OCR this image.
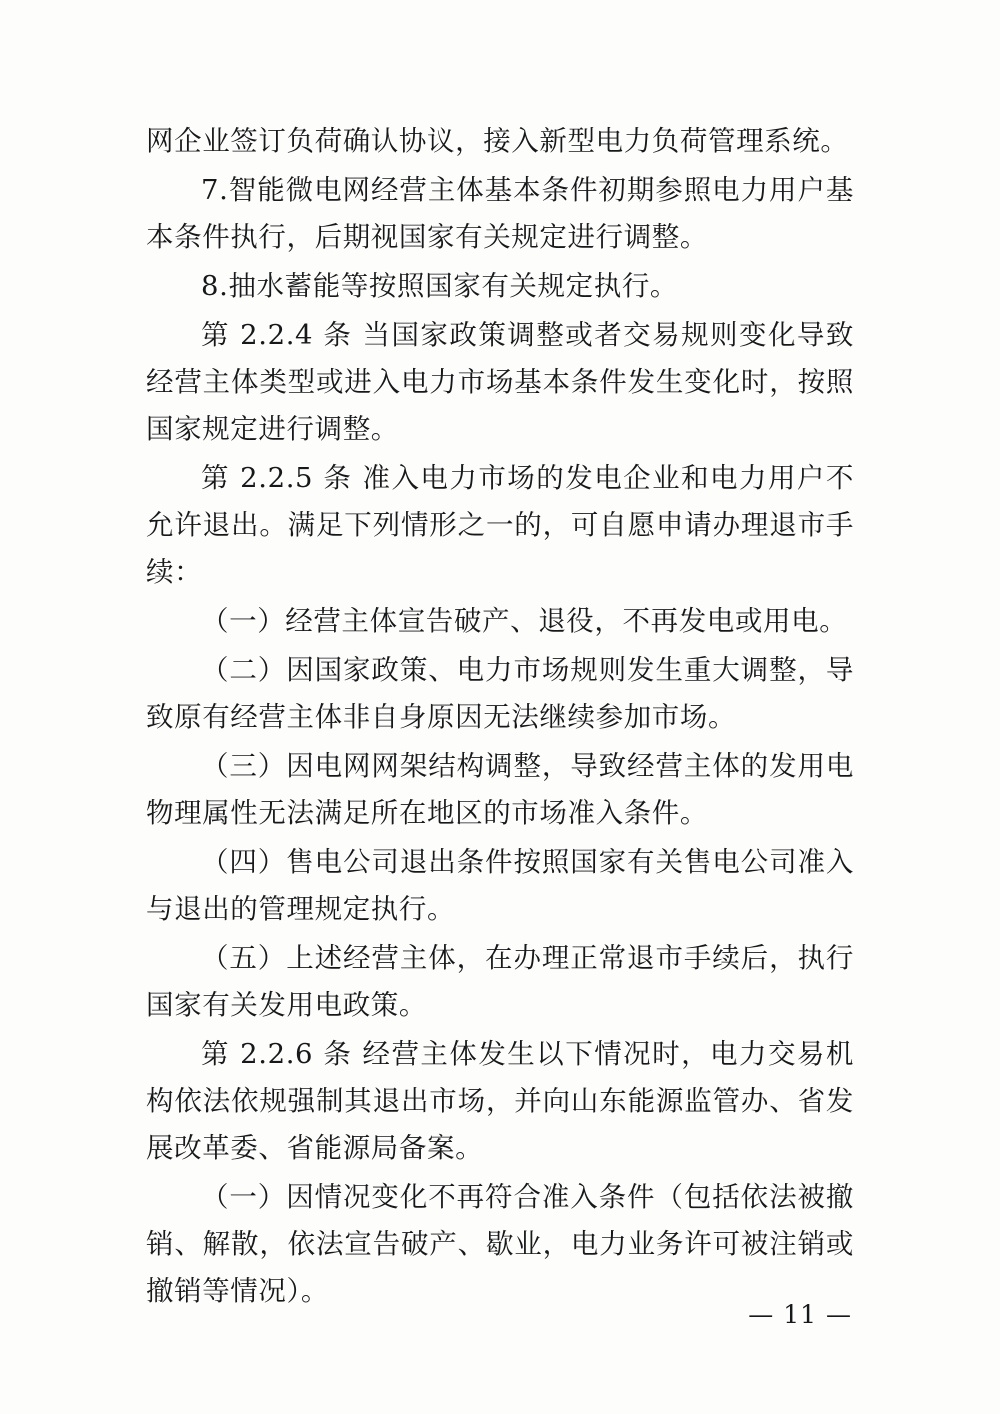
网企业签订负荷确认协议，接入新型电力负荷管理系统。

7.智能微电网经营主体基本条件初期参照电力用户基本条件执行，后期视国家有关规定进行调整。

8.抽水蓄能等按照国家有关规定执行。

第 2.2.4 条 当国家政策调整或者交易规则变化导致经营主体类型或进入电力市场基本条件发生变化时，按照国家规定进行调整。

第 2.2.5 条 准入电力市场的发电企业和电力用户不允许退出。满足下列情形之一的，可自愿申请办理退市手续：

（一）经营主体宣告破产、退役，不再发电或用电。

（二）因国家政策、电力市场规则发生重大调整，导致原有经营主体非自身原因无法继续参加市场。

（三）因电网网架结构调整，导致经营主体的发用电物理属性无法满足所在地区的市场准入条件。

（四）售电公司退出条件按照国家有关售电公司准入与退出的管理规定执行。

（五）上述经营主体，在办理正常退市手续后，执行国家有关发用电政策。

第 2.2.6 条 经营主体发生以下情况时，电力交易机构依法依规强制其退出市场，并向山东能源监管办、省发展改革委、省能源局备案。

（一）因情况变化不再符合准入条件（包括依法被撤销、解散，依法宣告破产、歇业，电力业务许可被注销或撤销等情况）。

— 11 —
